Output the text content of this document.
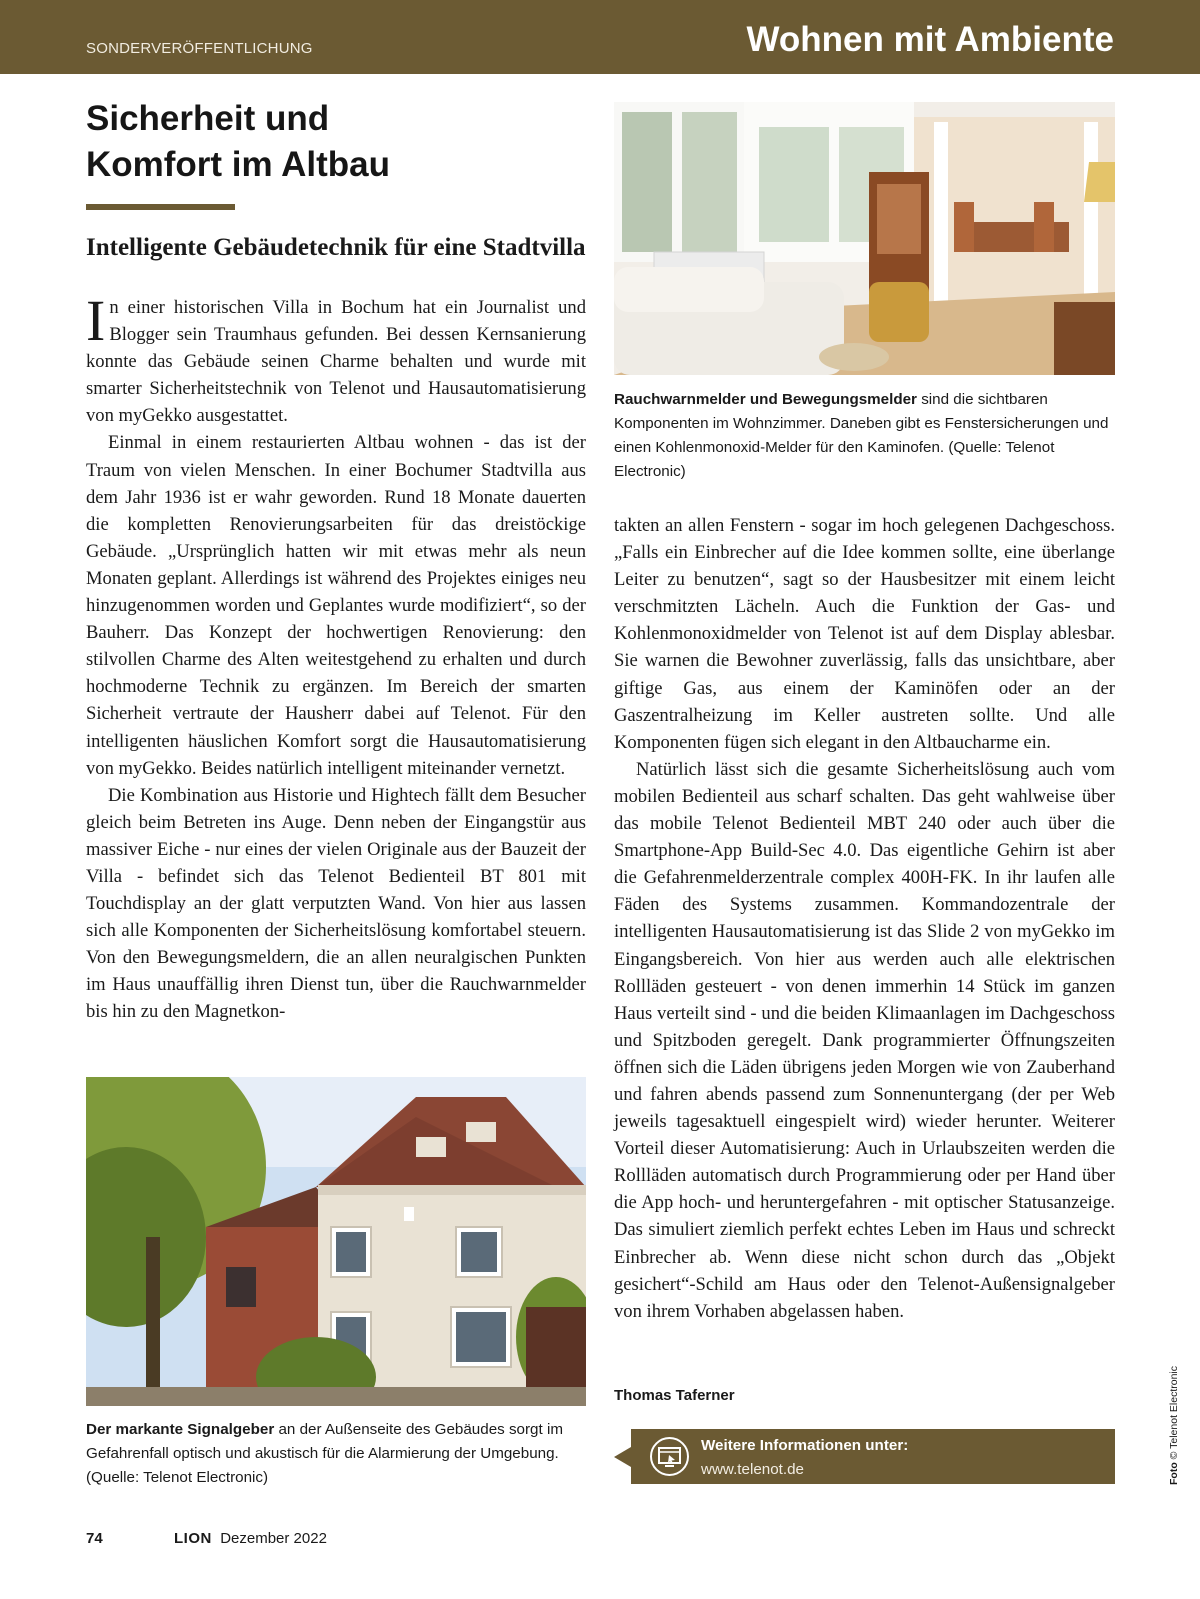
SONDERVERÖFFENTLICHUNG	Wohnen mit Ambiente
Sicherheit und
Komfort im Altbau
Intelligente Gebäudetechnik für eine Stadtvilla

In einer historischen Villa in Bochum hat ein Journalist und Blogger sein Traumhaus gefunden. Bei dessen Kernsanierung konnte das Gebäude seinen Charme behalten und wurde mit smarter Sicherheitstechnik von Telenot und Hausautomatisierung von myGekko ausgestattet.

Einmal in einem restaurierten Altbau wohnen - das ist der Traum von vielen Menschen. In einer Bochumer Stadtvilla aus dem Jahr 1936 ist er wahr geworden. Rund 18 Monate dauerten die kompletten Renovierungsarbeiten für das dreistöckige Gebäude. „Ursprünglich hatten wir mit etwas mehr als neun Monaten geplant. Allerdings ist während des Projektes einiges neu hinzugenommen worden und Geplantes wurde modifiziert“, so der Bauherr. Das Konzept der hochwertigen Renovierung: den stilvollen Charme des Alten weitestgehend zu erhalten und durch hochmoderne Technik zu ergänzen. Im Bereich der smarten Sicherheit vertraute der Hausherr dabei auf Telenot. Für den intelligenten häuslichen Komfort sorgt die Hausautomatisierung von myGekko. Beides natürlich intelligent miteinander vernetzt.

Die Kombination aus Historie und Hightech fällt dem Besucher gleich beim Betreten ins Auge. Denn neben der Eingangstür aus massiver Eiche - nur eines der vielen Originale aus der Bauzeit der Villa - befindet sich das Telenot Bedienteil BT 801 mit Touchdisplay an der glatt verputzten Wand. Von hier aus lassen sich alle Komponenten der Sicherheitslösung komfortabel steuern. Von den Bewegungsmeldern, die an allen neuralgischen Punkten im Haus unauffällig ihren Dienst tun, über die Rauchwarnmelder bis hin zu den Magnetkon-

Der markante Signalgeber an der Außenseite des Gebäudes sorgt im Gefahrenfall optisch und akustisch für die Alarmierung der Umgebung. (Quelle: Telenot Electronic)

Rauchwarnmelder und Bewegungsmelder sind die sichtbaren Komponenten im Wohnzimmer. Daneben gibt es Fenstersicherungen und einen Kohlenmonoxid-Melder für den Kaminofen. (Quelle: Telenot Electronic)

takten an allen Fenstern - sogar im hoch gelegenen Dachgeschoss. „Falls ein Einbrecher auf die Idee kommen sollte, eine überlange Leiter zu benutzen“, sagt so der Hausbesitzer mit einem leicht verschmitzten Lächeln. Auch die Funktion der Gas- und Kohlenmonoxidmelder von Telenot ist auf dem Display ablesbar. Sie warnen die Bewohner zuverlässig, falls das unsichtbare, aber giftige Gas, aus einem der Kaminöfen oder an der Gaszentralheizung im Keller austreten sollte. Und alle Komponenten fügen sich elegant in den Altbaucharme ein.

Natürlich lässt sich die gesamte Sicherheitslösung auch vom mobilen Bedienteil aus scharf schalten. Das geht wahlweise über das mobile Telenot Bedienteil MBT 240 oder auch über die Smartphone-App Build-Sec 4.0. Das eigentliche Gehirn ist aber die Gefahrenmelderzentrale complex 400H-FK. In ihr laufen alle Fäden des Systems zusammen. Kommandozentrale der intelligenten Hausautomatisierung ist das Slide 2 von myGekko im Eingangsbereich. Von hier aus werden auch alle elektrischen Rollläden gesteuert - von denen immerhin 14 Stück im ganzen Haus verteilt sind - und die beiden Klimaanlagen im Dachgeschoss und Spitzboden geregelt. Dank programmierter Öffnungszeiten öffnen sich die Läden übrigens jeden Morgen wie von Zauberhand und fahren abends passend zum Sonnenuntergang (der per Web jeweils tagesaktuell eingespielt wird) wieder herunter. Weiterer Vorteil dieser Automatisierung: Auch in Urlaubszeiten werden die Rollläden automatisch durch Programmierung oder per Hand über die App hoch- und heruntergefahren - mit optischer Statusanzeige. Das simuliert ziemlich perfekt echtes Leben im Haus und schreckt Einbrecher ab. Wenn diese nicht schon durch das „Objekt gesichert“-Schild am Haus oder den Telenot-Außensignalgeber von ihrem Vorhaben abgelassen haben.

Thomas Taferner
Weitere Informationen unter:
www.telenot.de	Foto © Telenot Electronic
74	LION Dezember 2022
